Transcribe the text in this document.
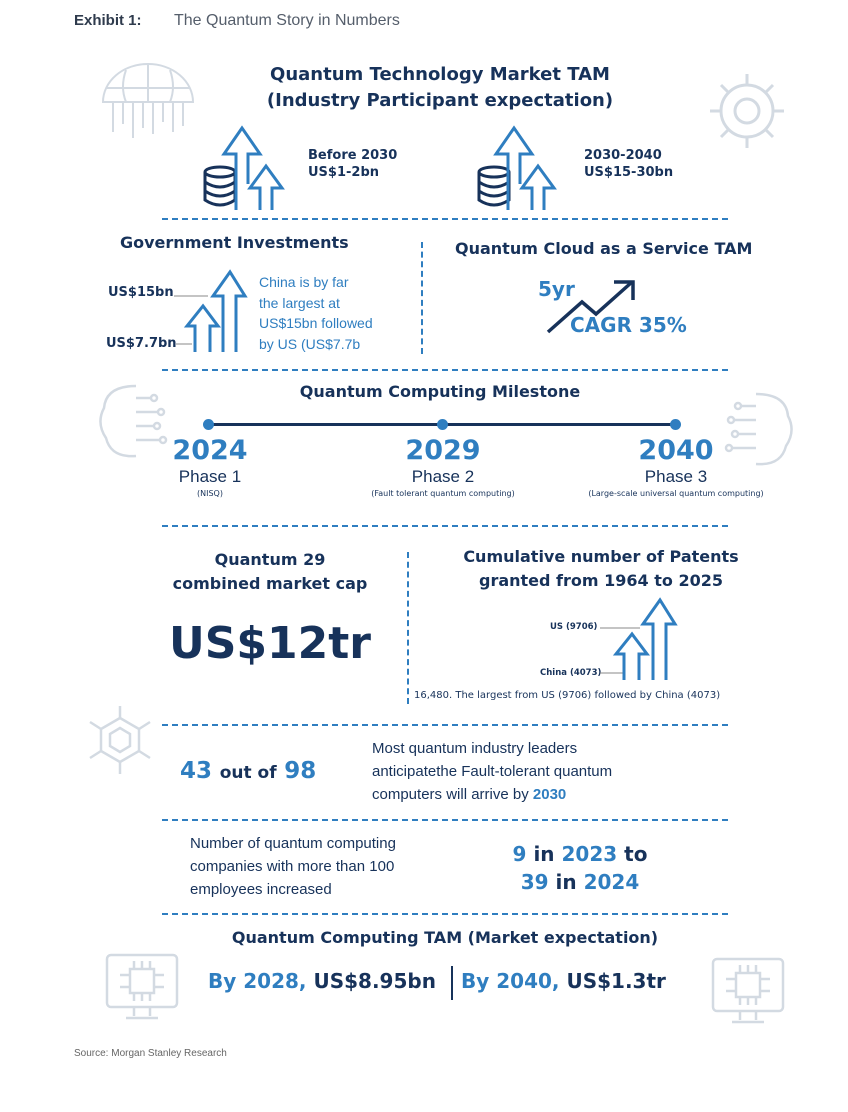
Exhibit 1: The Quantum Story in Numbers
Quantum Technology Market TAM
(Industry Participant expectation)
Before 2030
US$1-2bn
2030-2040
US$15-30bn
Government Investments
US$15bn
US$7.7bn
China is by far
the largest at
US$15bn followed
by US (US$7.7b
Quantum Cloud as a Service TAM
5yr
CAGR 35%
Quantum Computing Milestone
2024
Phase 1
(NISQ)
2029
Phase 2
(Fault tolerant quantum computing)
2040
Phase 3
(Large-scale universal quantum computing)
Quantum 29
combined market cap
US$12tr
Cumulative number of Patents
granted from 1964 to 2025
US (9706)
China (4073)
16,480. The largest from US (9706) followed by China (4073)
43 out of 98
Most quantum industry leaders
anticipatethe Fault-tolerant quantum
computers will arrive by 2030
Number of quantum computing
companies with more than 100
employees increased
9 in 2023 to
39 in 2024
Quantum Computing TAM (Market expectation)
By 2028, US$8.95bn By 2040, US$1.3tr
Source: Morgan Stanley Research
